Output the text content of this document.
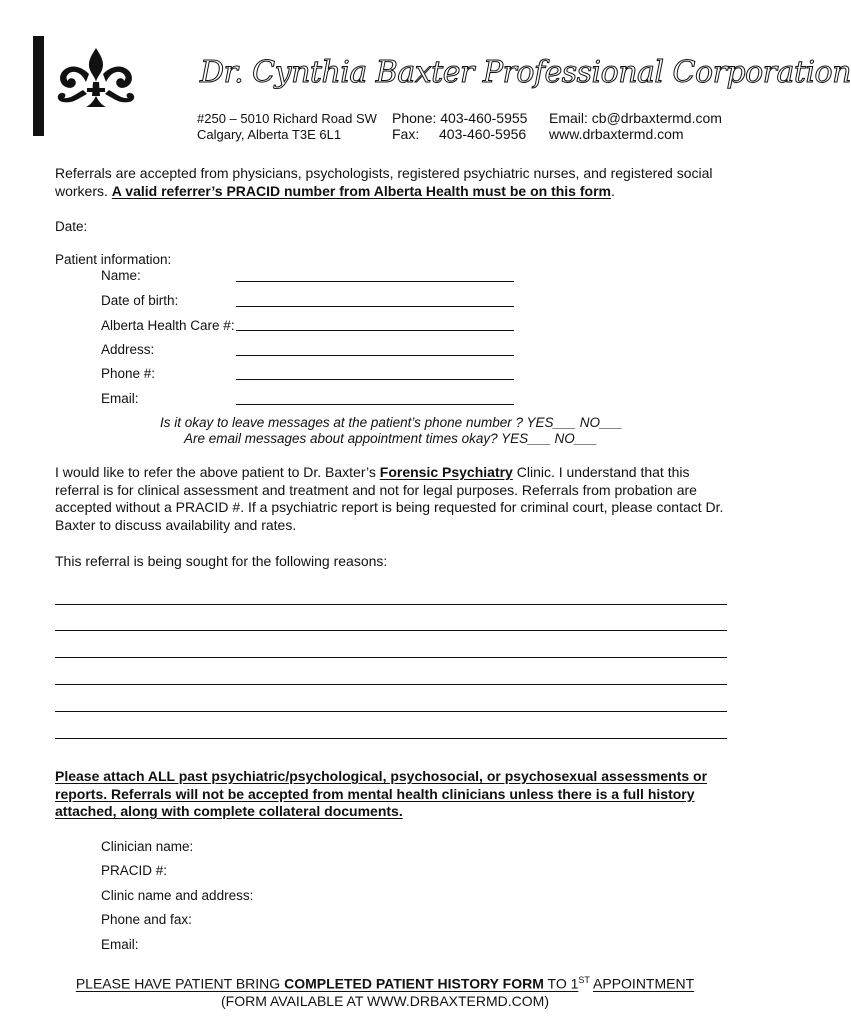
Dr. Cynthia Baxter Professional Corporation
#250 – 5010 Richard Road SW
Calgary, Alberta T3E 6L1
Phone: 403-460-5955
Fax: 403-460-5956
Email: cb@drbaxtermd.com
www.drbaxtermd.com
Referrals are accepted from physicians, psychologists, registered psychiatric nurses, and registered social workers. A valid referrer’s PRACID number from Alberta Health must be on this form.
Date:
Patient information:
Name:
Date of birth:
Alberta Health Care #:
Address:
Phone #:
Email:
Is it okay to leave messages at the patient’s phone number ? YES___ NO___
Are email messages about appointment times okay? YES___ NO___
I would like to refer the above patient to Dr. Baxter’s Forensic Psychiatry Clinic. I understand that this referral is for clinical assessment and treatment and not for legal purposes. Referrals from probation are accepted without a PRACID #. If a psychiatric report is being requested for criminal court, please contact Dr. Baxter to discuss availability and rates.
This referral is being sought for the following reasons:
Please attach ALL past psychiatric/psychological, psychosocial, or psychosexual assessments or reports. Referrals will not be accepted from mental health clinicians unless there is a full history attached, along with complete collateral documents.
Clinician name:
PRACID #:
Clinic name and address:
Phone and fax:
Email:
PLEASE HAVE PATIENT BRING COMPLETED PATIENT HISTORY FORM TO 1ST APPOINTMENT
(FORM AVAILABLE AT WWW.DRBAXTERMD.COM)
